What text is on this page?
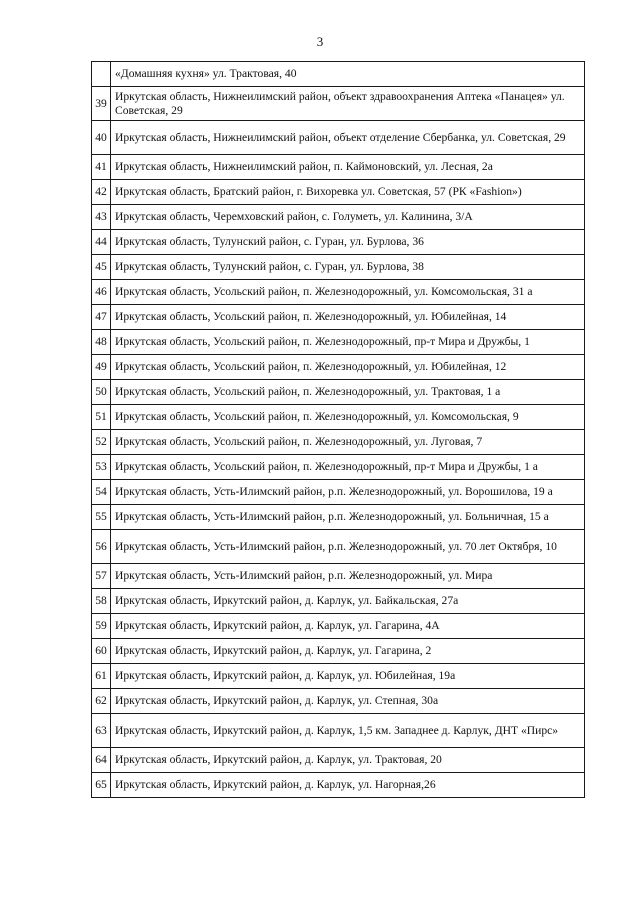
3
	«Домашняя кухня» ул. Трактовая, 40
39	Иркутская область, Нижнеилимский район, объект здравоохранения Аптека «Панацея» ул. Советская, 29
40	Иркутская область, Нижнеилимский район, объект отделение Сбербанка, ул. Советская, 29
41	Иркутская область, Нижнеилимский район, п. Каймоновский, ул. Лесная, 2а
42	Иркутская область, Братский район, г. Вихоревка ул. Советская, 57 (РК «Fashion»)
43	Иркутская область, Черемховский район, с. Голуметь, ул. Калинина, 3/А
44	Иркутская область, Тулунский район, с. Гуран, ул. Бурлова, 36
45	Иркутская область, Тулунский район, с. Гуран, ул. Бурлова, 38
46	Иркутская область, Усольский район, п. Железнодорожный, ул. Комсомольская, 31 а
47	Иркутская область, Усольский район, п. Железнодорожный, ул. Юбилейная, 14
48	Иркутская область, Усольский район, п. Железнодорожный, пр-т Мира и Дружбы, 1
49	Иркутская область, Усольский район, п. Железнодорожный, ул. Юбилейная, 12
50	Иркутская область, Усольский район, п. Железнодорожный, ул. Трактовая, 1 а
51	Иркутская область, Усольский район, п. Железнодорожный, ул. Комсомольская, 9
52	Иркутская область, Усольский район, п. Железнодорожный, ул. Луговая, 7
53	Иркутская область, Усольский район, п. Железнодорожный, пр-т Мира и Дружбы, 1 а
54	Иркутская область, Усть-Илимский район, р.п. Железнодорожный, ул. Ворошилова, 19 а
55	Иркутская область, Усть-Илимский район, р.п. Железнодорожный, ул. Больничная, 15 а
56	Иркутская область, Усть-Илимский район, р.п. Железнодорожный, ул. 70 лет Октября, 10
57	Иркутская область, Усть-Илимский район, р.п. Железнодорожный, ул. Мира
58	Иркутская область, Иркутский район, д. Карлук, ул. Байкальская, 27а
59	Иркутская область, Иркутский район, д. Карлук, ул. Гагарина, 4А
60	Иркутская область, Иркутский район, д. Карлук, ул. Гагарина, 2
61	Иркутская область, Иркутский район, д. Карлук, ул. Юбилейная, 19а
62	Иркутская область, Иркутский район, д. Карлук, ул. Степная, 30а
63	Иркутская область, Иркутский район, д. Карлук, 1,5 км. Западнее д. Карлук, ДНТ «Пирс»
64	Иркутская область, Иркутский район, д. Карлук, ул. Трактовая, 20
65	Иркутская область, Иркутский район, д. Карлук, ул. Нагорная,26
